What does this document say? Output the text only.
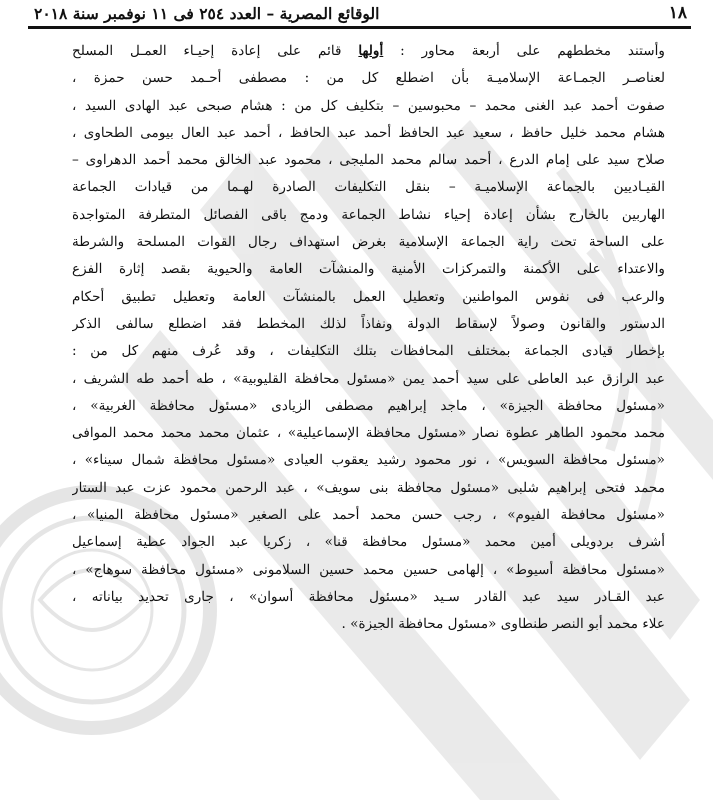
١٨
الوقائع المصرية – العدد ٢٥٤ فى ١١ نوفمبر سنة ٢٠١٨
وأستند مخططهم على أربعة محاور : أولها قائم على إعادة إحيـاء العمـل المسلح
لعناصـر الجمـاعة الإسلاميـة بأن اضطلع كل من : مصطفى أحـمد حسن حمزة ،
صفوت أحمد عبد الغنى محمد – محبوسين – بتكليف كل من : هشام صبحى عبد الهادى السيد ،
هشام محمد خليل حافظ ، سعيد عبد الحافظ أحمد عبد الحافظ ، أحمد عبد العال بيومى الطحاوى ،
صلاح سيد على إمام الدرع ، أحمد سالم محمد المليجى ، محمود عبد الخالق محمد أحمد الدهراوى –
القيـاديين بالجماعة الإسلاميـة – بنقل التكليفات الصادرة لهـما من قيادات الجماعة
الهاربين بالخارج بشأن إعادة إحياء نشاط الجماعة ودمج باقى الفصائل المتطرفة المتواجدة
على الساحة تحت راية الجماعة الإسلامية بغرض استهداف رجال القوات المسلحة والشرطة
والاعتداء على الأكمنة والتمركزات الأمنية والمنشآت العامة والحيوية بقصد إثارة الفزع
والرعب فى نفوس المواطنين وتعطيل العمل بالمنشآت العامة وتعطيل تطبيق أحكام
الدستور والقانون وصولاً لإسقاط الدولة ونفاذاً لذلك المخطط فقد اضطلع سالفى الذكر
بإخطار قيادى الجماعة بمختلف المحافظات بتلك التكليفات ، وقد عُرف منهم كل من :
عبد الرازق عبد العاطى على سيد أحمد يمن «مسئول محافظة القليوبية» ، طه أحمد طه الشريف ،
«مسئول محافظة الجيزة» ، ماجد إبراهيم مصطفى الزيادى «مسئول محافظة الغربية» ،
محمد محمود الطاهر عطوة نصار «مسئول محافظة الإسماعيلية» ، عثمان محمد محمد محمد الموافى
«مسئول محافظة السويس» ، نور محمود رشيد يعقوب العيادى «مسئول محافظة شمال سيناء» ،
محمد فتحى إبراهيم شلبى «مسئول محافظة بنى سويف» ، عبد الرحمن محمود عزت عبد الستار
«مسئول محافظة الفيوم» ، رجب حسن محمد أحمد على الصغير «مسئول محافظة المنيا» ،
أشرف بردويلى أمين محمد «مسئول محافظة قنا» ، زكريا عبد الجواد عطية إسماعيل
«مسئول محافظة أسيوط» ، إلهامى حسين محمد حسين السلامونى «مسئول محافظة سوهاج» ،
عبد القـادر سيد عبد القادر سـيد «مسئول محافظة أسوان» ، جارى تحديد بياناته ،
علاء محمد أبو النصر طنطاوى «مسئول محافظة الجيزة» .
